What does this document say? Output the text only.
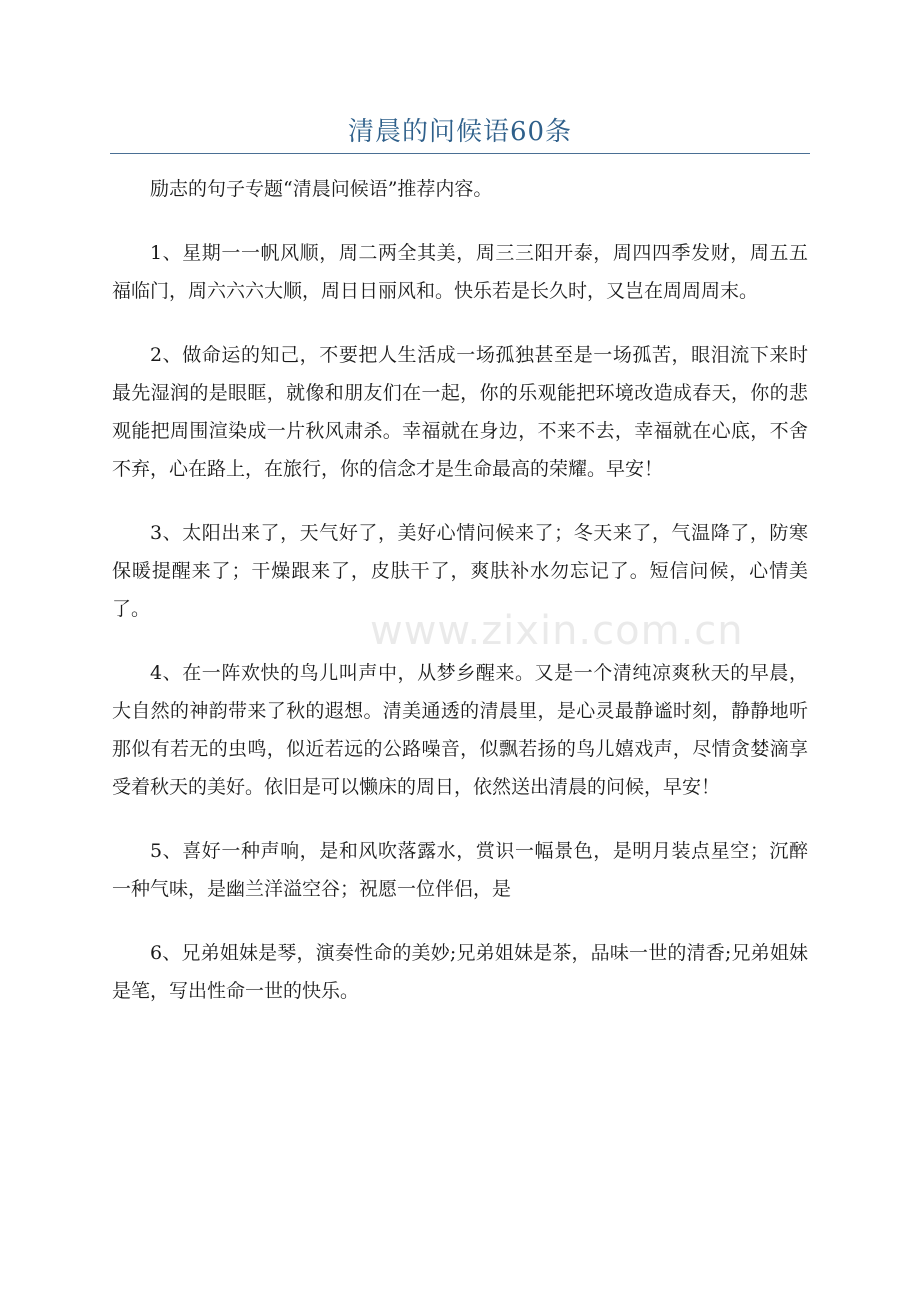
清晨的问候语60条

励志的句子专题“清晨问候语”推荐内容。

1、星期一一帆风顺，周二两全其美，周三三阳开泰，周四四季发财，周五五福临门，周六六六大顺，周日日丽风和。快乐若是长久时，又岂在周周周末。

2、做命运的知己，不要把人生活成一场孤独甚至是一场孤苦，眼泪流下来时最先湿润的是眼眶，就像和朋友们在一起，你的乐观能把环境改造成春天，你的悲观能把周围渲染成一片秋风肃杀。幸福就在身边，不来不去，幸福就在心底，不舍不弃，心在路上，在旅行，你的信念才是生命最高的荣耀。早安！

3、太阳出来了，天气好了，美好心情问候来了；冬天来了，气温降了，防寒保暖提醒来了；干燥跟来了，皮肤干了，爽肤补水勿忘记了。短信问候，心情美了。

4、在一阵欢快的鸟儿叫声中，从梦乡醒来。又是一个清纯凉爽秋天的早晨，大自然的神韵带来了秋的遐想。清美通透的清晨里，是心灵最静谧时刻，静静地听那似有若无的虫鸣，似近若远的公路噪音，似飘若扬的鸟儿嬉戏声，尽情贪婪滴享受着秋天的美好。依旧是可以懒床的周日，依然送出清晨的问候，早安！

5、喜好一种声响，是和风吹落露水，赏识一幅景色，是明月装点星空；沉醉一种气味，是幽兰洋溢空谷；祝愿一位伴侣，是

6、兄弟姐妹是琴，演奏性命的美妙;兄弟姐妹是茶，品味一世的清香;兄弟姐妹是笔，写出性命一世的快乐。

www.zixin.com.cn
